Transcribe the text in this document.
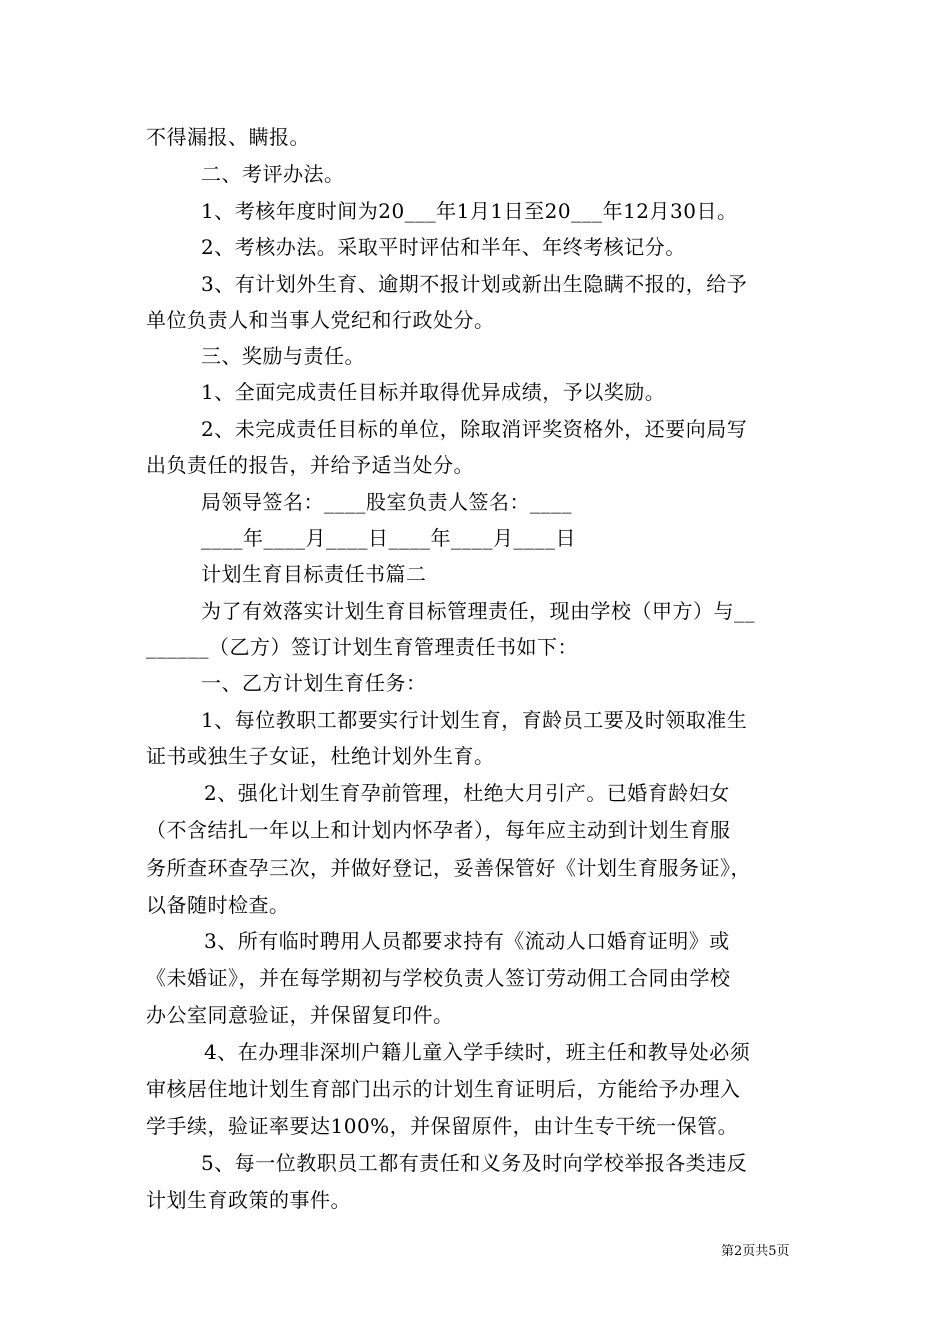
不得漏报、瞒报。
二、考评办法。
1、考核年度时间为20___年1月1日至20___年12月30日。
2、考核办法。采取平时评估和半年、年终考核记分。
3、有计划外生育、逾期不报计划或新出生隐瞒不报的，给予
单位负责人和当事人党纪和行政处分。
三、奖励与责任。
1、全面完成责任目标并取得优异成绩，予以奖励。
2、未完成责任目标的单位，除取消评奖资格外，还要向局写
出负责任的报告，并给予适当处分。
局领导签名：____股室负责人签名：____
____年____月____日____年____月____日
计划生育目标责任书篇二
为了有效落实计划生育目标管理责任，现由学校（甲方）与__
______（乙方）签订计划生育管理责任书如下：
一、乙方计划生育任务：
1、每位教职工都要实行计划生育，育龄员工要及时领取准生
证书或独生子女证，杜绝计划外生育。
2、强化计划生育孕前管理，杜绝大月引产。已婚育龄妇女
（不含结扎一年以上和计划内怀孕者），每年应主动到计划生育服
务所查环查孕三次，并做好登记，妥善保管好《计划生育服务证》，
以备随时检查。
3、所有临时聘用人员都要求持有《流动人口婚育证明》或
《未婚证》，并在每学期初与学校负责人签订劳动佣工合同由学校
办公室同意验证，并保留复印件。
4、在办理非深圳户籍儿童入学手续时，班主任和教导处必须
审核居住地计划生育部门出示的计划生育证明后，方能给予办理入
学手续，验证率要达100%，并保留原件，由计生专干统一保管。
5、每一位教职员工都有责任和义务及时向学校举报各类违反
计划生育政策的事件。
第2页共5页
